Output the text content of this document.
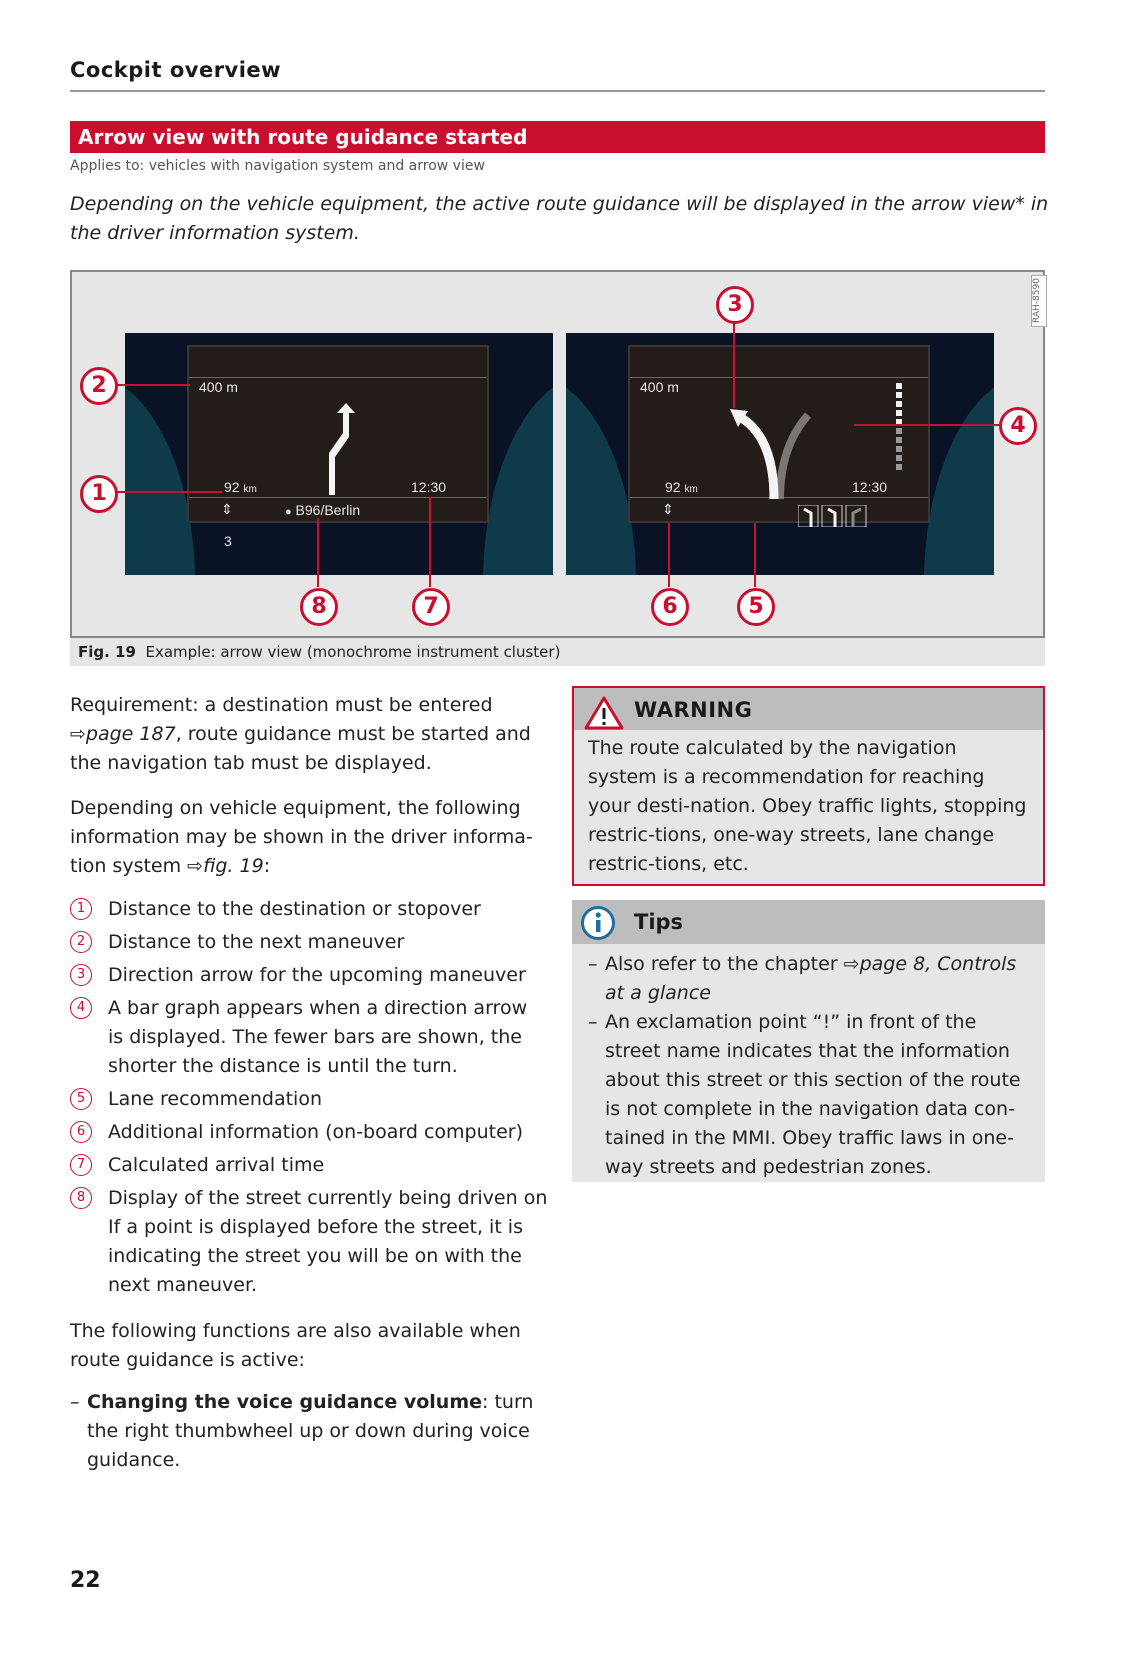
Cockpit overview
Arrow view with route guidance started
Applies to: vehicles with navigation system and arrow view
Depending on the vehicle equipment, the active route guidance will be displayed in the arrow view* in the driver information system.
RAH-8590
400 m
92 km	12:30
⇕	● B96/Berlin
3
400 m
92 km	12:30
⇕
1
2
3
4
5
6
7
8
Fig. 19 Example: arrow view (monochrome instrument cluster)
Requirement: a destination must be entered ⇨page 187, route guidance must be started and the navigation tab must be displayed.
Depending on vehicle equipment, the following information may be shown in the driver informa-tion system ⇨fig. 19:
1	Distance to the destination or stopover
2	Distance to the next maneuver
3	Direction arrow for the upcoming maneuver
4	A bar graph appears when a direction arrow is displayed. The fewer bars are shown, the shorter the distance is until the turn.
5	Lane recommendation
6	Additional information (on-board computer)
7	Calculated arrival time
8	Display of the street currently being driven on If a point is displayed before the street, it is indicating the street you will be on with the next maneuver.
The following functions are also available when route guidance is active:
– Changing the voice guidance volume: turn the right thumbwheel up or down during voice guidance.
WARNING
The route calculated by the navigation system is a recommendation for reaching your desti-nation. Obey traffic lights, stopping restric-tions, one-way streets, lane change restric-tions, etc.
Tips
– Also refer to the chapter ⇨page 8, Controls at a glance
– An exclamation point “!” in front of the street name indicates that the information about this street or this section of the route is not complete in the navigation data con-tained in the MMI. Obey traffic laws in one-way streets and pedestrian zones.
22
